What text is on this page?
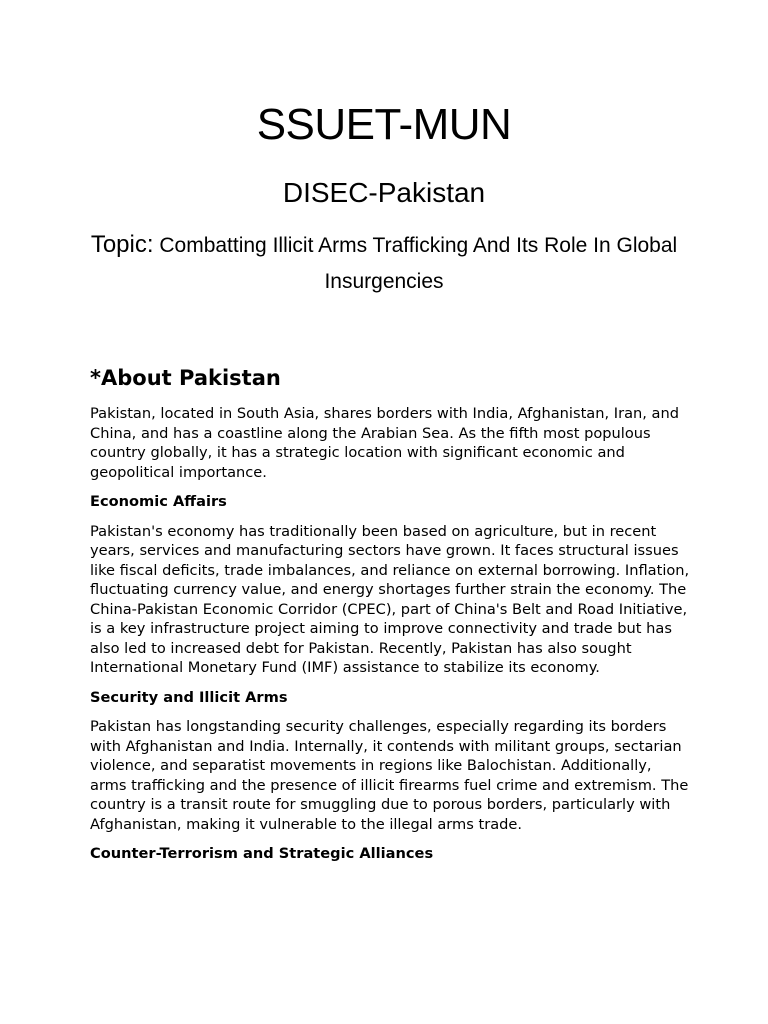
SSUET-MUN
DISEC-Pakistan

Topic: Combatting Illicit Arms Trafficking And Its Role In Global Insurgencies

*About Pakistan

Pakistan, located in South Asia, shares borders with India, Afghanistan, Iran, and China, and has a coastline along the Arabian Sea. As the fifth most populous country globally, it has a strategic location with significant economic and geopolitical importance.

Economic Affairs

Pakistan's economy has traditionally been based on agriculture, but in recent years, services and manufacturing sectors have grown. It faces structural issues like fiscal deficits, trade imbalances, and reliance on external borrowing. Inflation, fluctuating currency value, and energy shortages further strain the economy. The China-Pakistan Economic Corridor (CPEC), part of China's Belt and Road Initiative, is a key infrastructure project aiming to improve connectivity and trade but has also led to increased debt for Pakistan. Recently, Pakistan has also sought International Monetary Fund (IMF) assistance to stabilize its economy.

Security and Illicit Arms

Pakistan has longstanding security challenges, especially regarding its borders with Afghanistan and India. Internally, it contends with militant groups, sectarian violence, and separatist movements in regions like Balochistan. Additionally, arms trafficking and the presence of illicit firearms fuel crime and extremism. The country is a transit route for smuggling due to porous borders, particularly with Afghanistan, making it vulnerable to the illegal arms trade.

Counter-Terrorism and Strategic Alliances
